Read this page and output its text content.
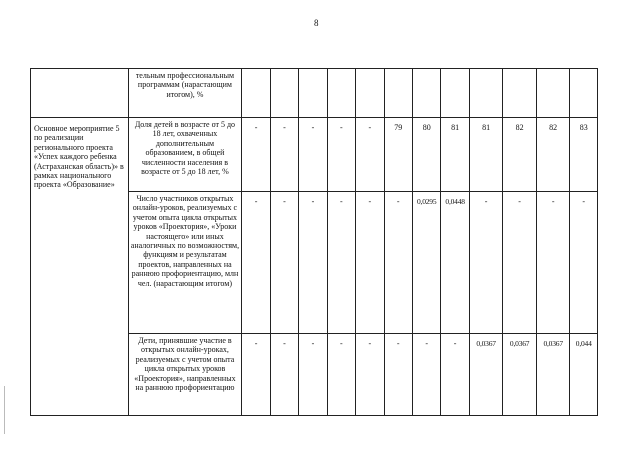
8
	тельным профессиональным программам (нарастающим итогом), %												
Основное мероприятие 5 по реализации регионального проекта «Успех каждого ребенка (Астраханская область)» в рамках национального проекта «Образование»	Доля детей в возрасте от 5 до 18 лет, охваченных дополнительным образованием, в общей численности населения в возрасте от 5 до 18 лет, %	-	-	-	-	-	79	80	81	81	82	82	83
	Число участников открытых онлайн-уроков, реализуемых с учетом опыта цикла открытых уроков «Проектория», «Уроки настоящего» или иных аналогичных по возможностям, функциям и результатам проектов, направленных на раннюю профориентацию, млн чел. (нарастающим итогом)	-	-	-	-	-	-	0,0295	0,0448	-	-	-	-
	Дети, принявшие участие в открытых онлайн-уроках, реализуемых с учетом опыта цикла открытых уроков «Проектория», направленных на раннюю профориентацию	-	-	-	-	-	-	-	-	0,0367	0,0367	0,0367	0,044
